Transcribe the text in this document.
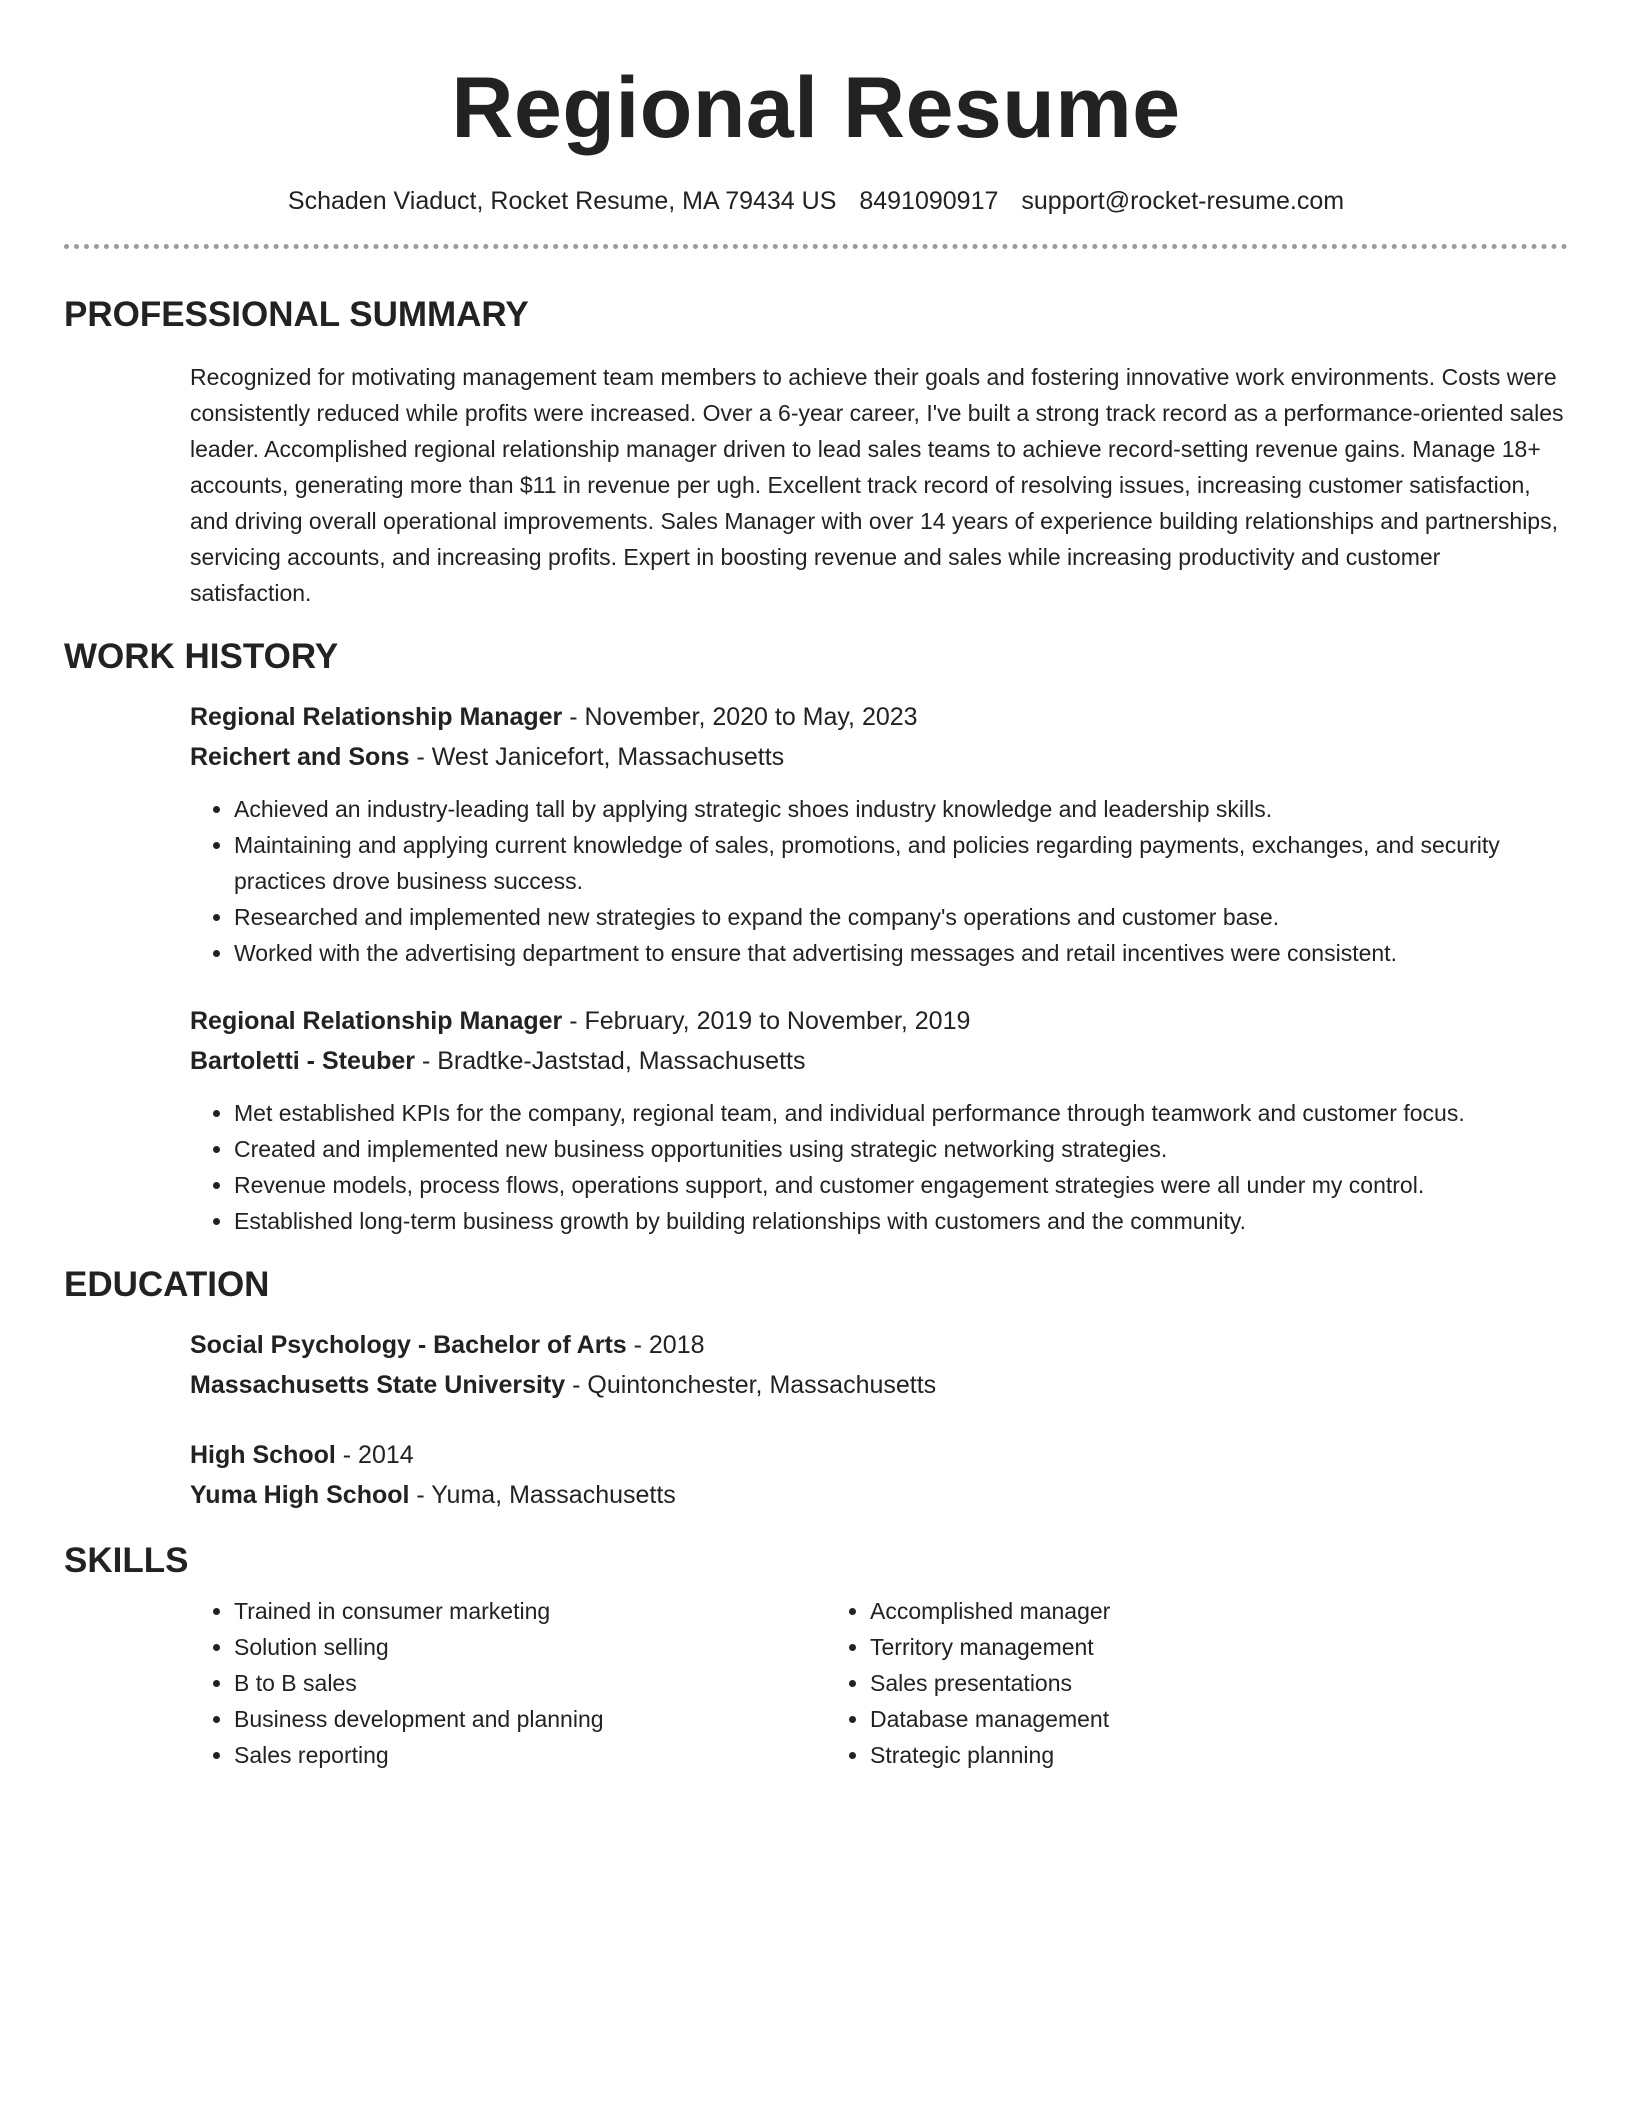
Regional Resume
Schaden Viaduct, Rocket Resume, MA 79434 US 8491090917 support@rocket-resume.com
PROFESSIONAL SUMMARY

Recognized for motivating management team members to achieve their goals and fostering innovative work environments. Costs were consistently reduced while profits were increased. Over a 6-year career, I've built a strong track record as a performance-oriented sales leader. Accomplished regional relationship manager driven to lead sales teams to achieve record-setting revenue gains. Manage 18+ accounts, generating more than $11 in revenue per ugh. Excellent track record of resolving issues, increasing customer satisfaction, and driving overall operational improvements. Sales Manager with over 14 years of experience building relationships and partnerships, servicing accounts, and increasing profits. Expert in boosting revenue and sales while increasing productivity and customer satisfaction.

WORK HISTORY

Regional Relationship Manager - November, 2020 to May, 2023

Reichert and Sons - West Janicefort, Massachusetts

• Achieved an industry-leading tall by applying strategic shoes industry knowledge and leadership skills.
• Maintaining and applying current knowledge of sales, promotions, and policies regarding payments, exchanges, and security practices drove business success.
• Researched and implemented new strategies to expand the company's operations and customer base.
• Worked with the advertising department to ensure that advertising messages and retail incentives were consistent.

Regional Relationship Manager - February, 2019 to November, 2019

Bartoletti - Steuber - Bradtke-Jaststad, Massachusetts

• Met established KPIs for the company, regional team, and individual performance through teamwork and customer focus.
• Created and implemented new business opportunities using strategic networking strategies.
• Revenue models, process flows, operations support, and customer engagement strategies were all under my control.
• Established long-term business growth by building relationships with customers and the community.
EDUCATION

Social Psychology - Bachelor of Arts - 2018

Massachusetts State University - Quintonchester, Massachusetts

High School - 2014

Yuma High School - Yuma, Massachusetts

SKILLS
• Trained in consumer marketing
• Solution selling
• B to B sales
• Business development and planning
• Sales reporting
• Accomplished manager
• Territory management
• Sales presentations
• Database management
• Strategic planning
